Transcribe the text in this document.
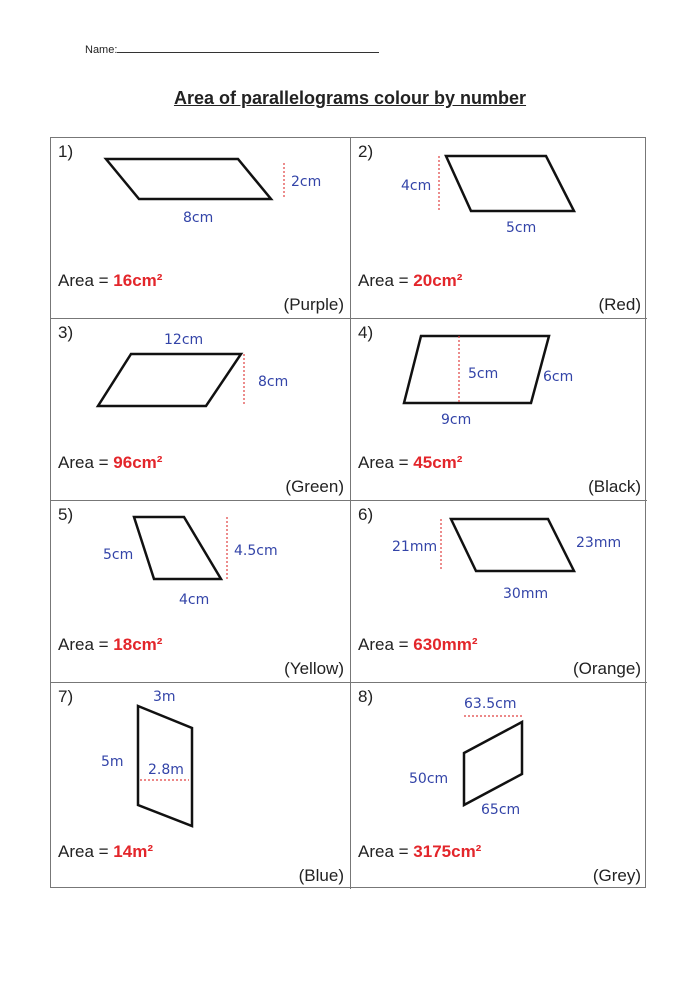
Name:
Area of parallelograms colour by number
1)
2cm
8cm
Area = 16cm²
(Purple)
2)
4cm
5cm
Area = 20cm²
(Red)
3)	12cm
8cm
Area = 96cm²
(Green)
4)
5cm	6cm
9cm
Area = 45cm²
(Black)
5)
5cm	4.5cm
4cm
Area = 18cm²
(Yellow)
6)
21mm	23mm
30mm
Area = 630mm²
(Orange)
7)	3m
5m 2.8m
Area = 14m²
(Blue)
8)	63.5cm
50cm
65cm
Area = 3175cm²
(Grey)
